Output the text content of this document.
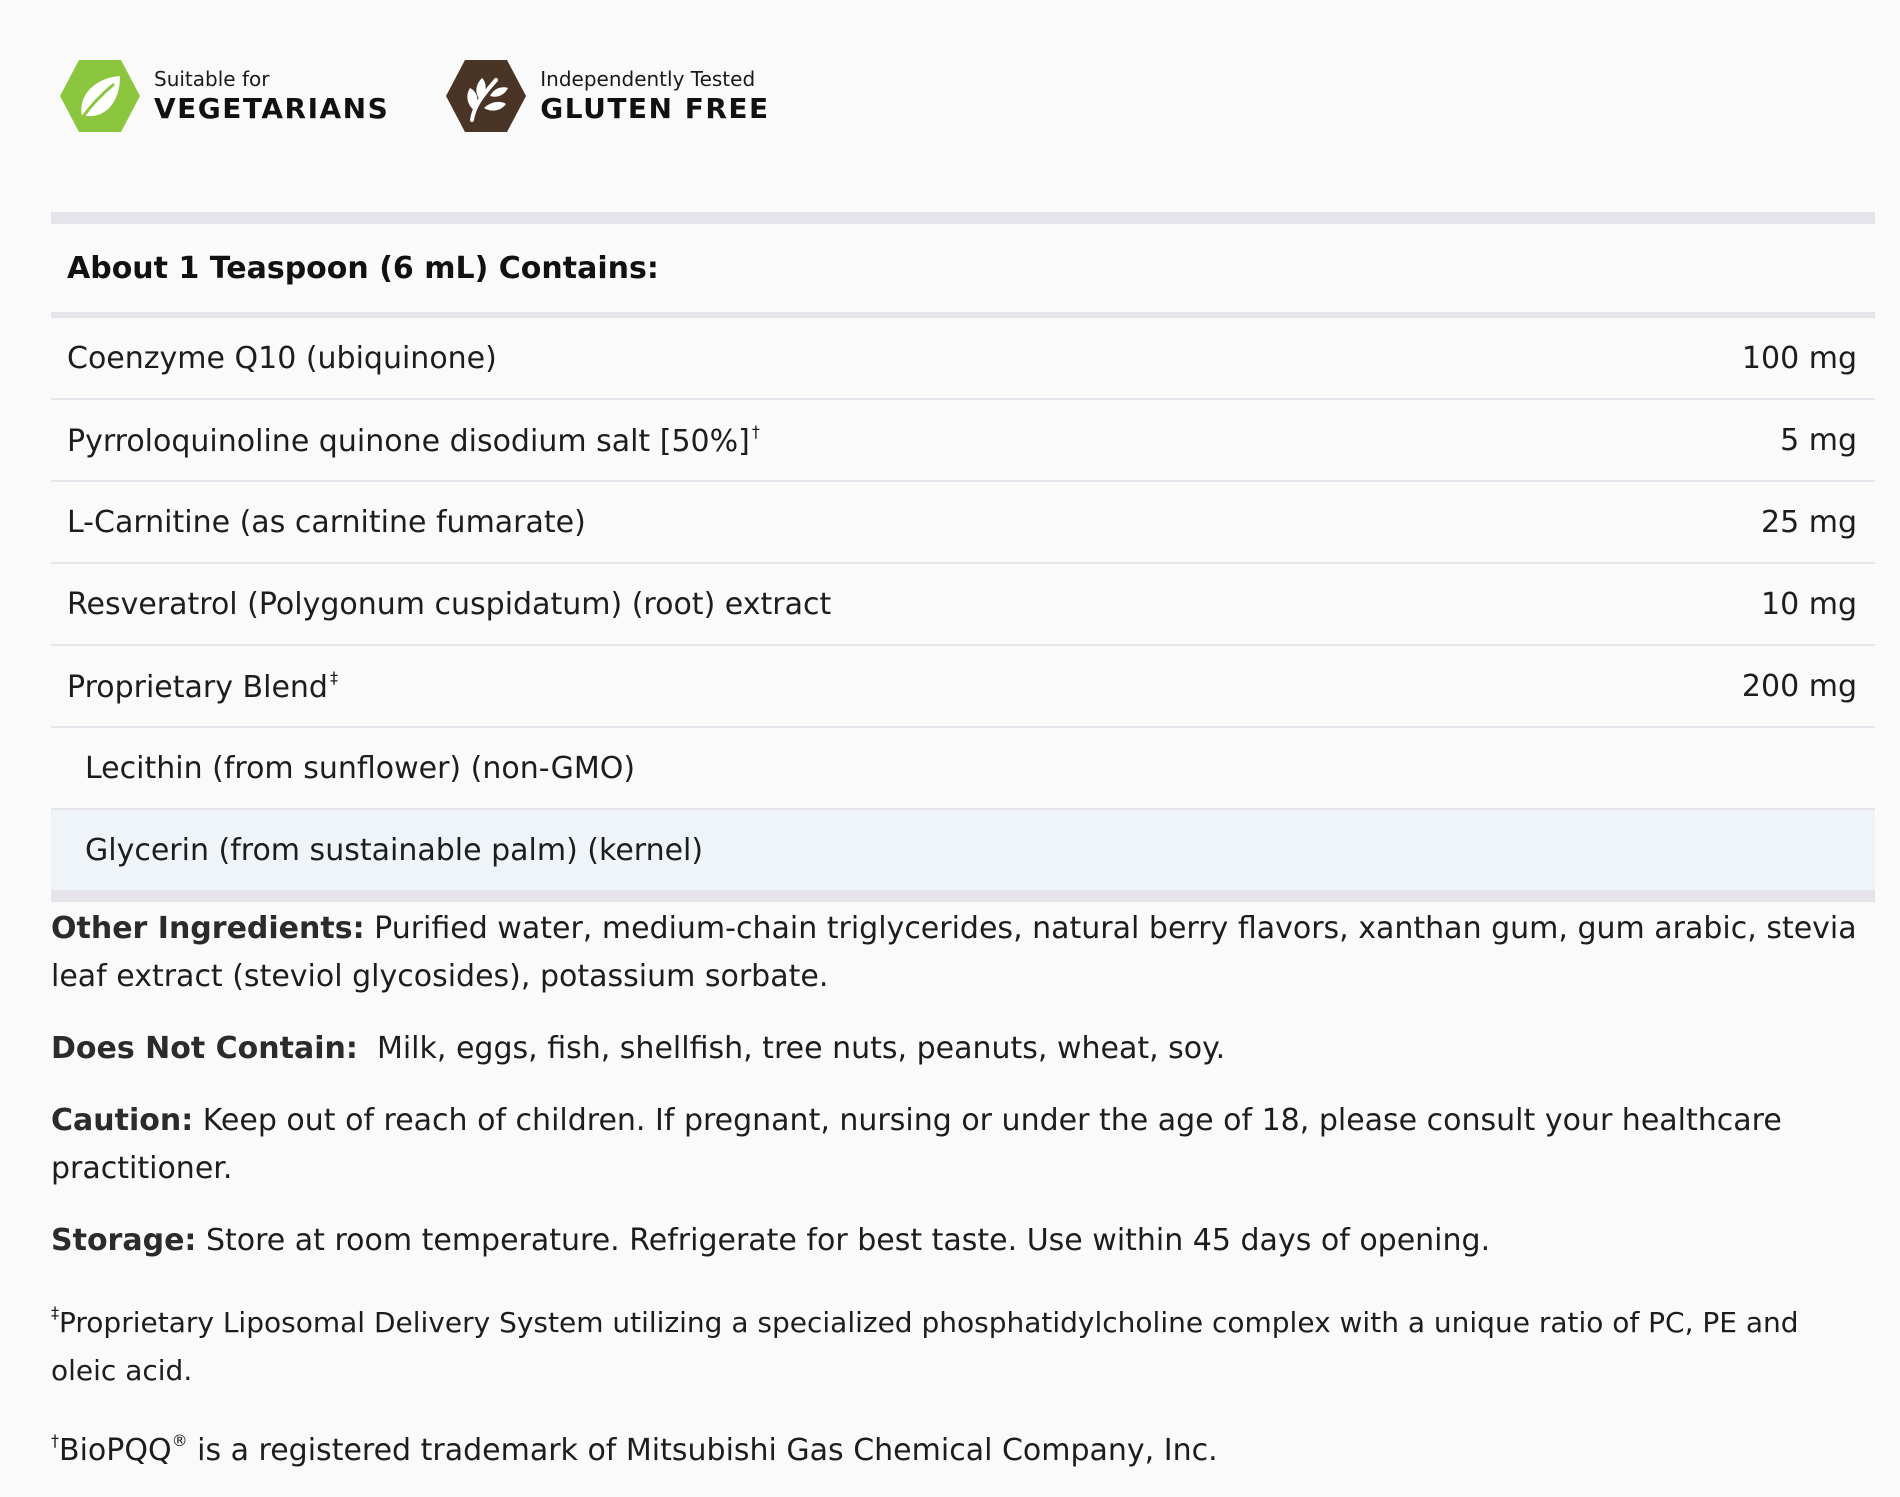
Suitable for
VEGETARIANS
Independently Tested
GLUTEN FREE
About 1 Teaspoon (6 mL) Contains:
Coenzyme Q10 (ubiquinone)	100 mg
Pyrroloquinoline quinone disodium salt [50%] †	5 mg
L-Carnitine (as carnitine fumarate)	25 mg
Resveratrol (Polygonum cuspidatum) (root) extract	10 mg
Proprietary Blend ‡	200 mg
Lecithin (from sunflower) (non-GMO)
Glycerin (from sustainable palm) (kernel)

Other Ingredients: Purified water, medium-chain triglycerides, natural berry flavors, xanthan gum, gum arabic, stevia leaf extract (steviol glycosides), potassium sorbate.

Does Not Contain:  Milk, eggs, fish, shellfish, tree nuts, peanuts, wheat, soy.

Caution: Keep out of reach of children. If pregnant, nursing or under the age of 18, please consult your healthcare practitioner.

Storage: Store at room temperature. Refrigerate for best taste. Use within 45 days of opening.

‡Proprietary Liposomal Delivery System utilizing a specialized phosphatidylcholine complex with a unique ratio of PC, PE and oleic acid.

†BioPQQ® is a registered trademark of Mitsubishi Gas Chemical Company, Inc.
